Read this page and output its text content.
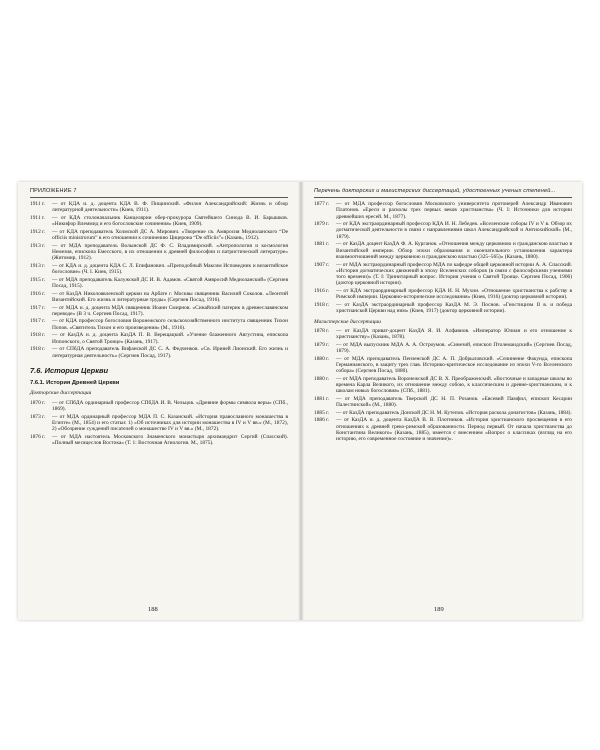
ПРИЛОЖЕНИЕ 7
1911 г.	— от КДА и. д. доцента КДА В. Ф. Пищинский. «Филон Александрийский: Жизнь и обзор литературной деятельности» (Киев, 1911).
1911 г.	— от КДА столоначальник Канцелярии обер-прокурора Святейшего Синода В. И. Барышков. «Никифор Влеммид и его богословские сочинения» (Киев, 1909).
1912 г.	— от КДА преподаватель Холмской ДС А. Мирович. «Творение св. Амвросия Медиоланского “De officiis ministrorum” в его отношении к сочинению Цицерона “De officiis”» (Казань, 1912).
1913 г.	— от МДА преподаватель Волынской ДС Ф. С. Владимирский. «Антропология и космология Немезия, епископа Емесского, в их отношении к древней философии и патристической литературе» (Житомир, 1912).
1913 г.	— от КДА и. д. доцента КДА С. Л. Епифанович. «Преподобный Максим Исповедник и византийское богословие» (Ч. I. Киев, 1915).
1915 г.	— от МДА преподаватель Калужской ДС И. В. Адамов. «Святой Амвросий Медиоланский» (Сергиев Посад, 1915).
1916 г.	— от КазДА Николоявленской церкви на Арбате г. Москвы священник Василий Соколов. «Леонтий Византийский. Его жизнь и литературные труды» (Сергиев Посад, 1916).
1917 г.	— от МДА и. д. доцента МДА священник Иоанн Смирнов. «Синайский патерик в древнеславянском переводе» (В 3 ч. Сергиев Посад, 1917).
1917 г.	— от КДА профессор богословия Воронежского сельскохозяйственного института священник Тихон Попов. «Святитель Тихон и его произведения» (М., 1916).
1918 г.	— от КазДА и. д. доцента КазДА П. В. Верещацкий. «Учение блаженного Августина, епископа Иппонского, о Святой Троице» (Казань, 1917).
1918 г.	— от СПбДА преподаватель Вифанской ДС С. А. Федченков. «Св. Ириней Лионский. Его жизнь и литературная деятельность» (Сергиев Посад, 1917).
7.6. История Церкви
7.6.1. История Древней Церкви
Докторские диссертации
1870 г.	— от СПбДА ординарный профессор СПбДА И. В. Чельцов. «Древние формы символа веры» (СПб., 1869).
1873 г.	— от МДА ординарный профессор МДА П. С. Казанский. «История православного монашества в Египте» (М., 1854) и его статьи: 1) «Об источниках для истории монашества в IV и V вв.» (М., 1872), 2) «Обозрение суждений писателей о монашестве IV и V вв.» (М., 1872).
1876 г.	— от МДА настоятель Московского Знаменского монастыря архимандрит Сергий (Спасский). «Полный месяцеслов Востока» (Т. 1: Восточная Агиология. М., 1875).
188
Перечень докторских и магистерских диссертаций, удостоенных ученых степеней...
1877 г.	— от МДА профессор богословия Московского университета протоиерей Александр Иванович Платонов. «Ереси и расколы трех первых веков христианства» (Ч. I: Источники для истории древнейших ересей. М., 1877).
1879 г.	— от КДА экстраординарный профессор КДА И. Н. Лебедев. «Вселенские соборы IV и V в. Обзор их догматической деятельности в связи с направлениями школ Александрийской и Антиохийской» (М., 1879).
1881 г.	— от КазДА доцент КазДА Ф. А. Курганов. «Отношения между церковною и гражданскою властью в Византийской империи. Обзор эпохи образования и окончательного установления характера взаимоотношений между церковною и гражданскою властью (325–565)» (Казань, 1880).
1907 г.	— от МДА экстраординарный профессор МДА по кафедре общей церковной истории А. А. Спасский. «История догматических движений в эпоху Вселенских соборов (в связи с философскими учениями того времени)» (Т. I: Тринитарный вопрос. История учения о Святой Троице. Сергиев Посад, 1906) (доктор церковной истории).
1916 г.	— от КДА экстраординарный профессор КДА И. Н. Мухин. «Отношение христианства к рабству в Римской империи. Церковно-исторические исследования» (Киев, 1916) (доктор церковной истории).
1918 г.	— от КазДА экстраординарный профессор КазДА М. Э. Поснов. «Гностицизм II в. и победа христианской Церкви над ним» (Киев, 1917) (доктор церковной истории).
Магистерские диссертации
1878 г.	— от КазДА приват-доцент КазДА Я. И. Алфавиов. «Император Юлиан и его отношение к христианству» (Казань, 1878).
1879 г.	— от МДА выпускник МДА А. А. Остроумов. «Синезий, епископ Птолемаидский» (Сергиев Посад, 1879).
1880 г.	— от МДА преподаватель Пензенской ДС А. П. Добрыловский. «Сочинение Факунда, епископа Германианского, в защиту трех глав. Историко-критическое исследование из эпохи V-го Вселенского собора» (Сергиев Посад, 1880).
1880 г.	— от МДА преподаватель Воронежской ДС В. Х. Преображенский. «Восточные и западные школы во времена Карла Великого, их отношение между собою, к классическим и древне-христианским, и к школам новых богословия» (СПб., 1881).
1881 г.	— от МДА преподаватель Тверской ДС Н. П. Розанов. «Евсевий Памфил, епископ Кесарии Палестинской» (М., 1880).
1885 г.	— от КазДА преподаватель Донской ДС Н. М. Кутепов. «История раскола донатистов» (Казань, 1884).
1886 г.	— от КазДА и. д. доцента КазДА В. В. Плотников. «История христианского просвещения в его отношениях к древней греко-римской образованности. Период первый. От начала христианства до Константина Великого» (Казань, 1885), имеется с внесением «Вопрос о классиках (взгляд на его историю, его современное состояние и значение)».
189
